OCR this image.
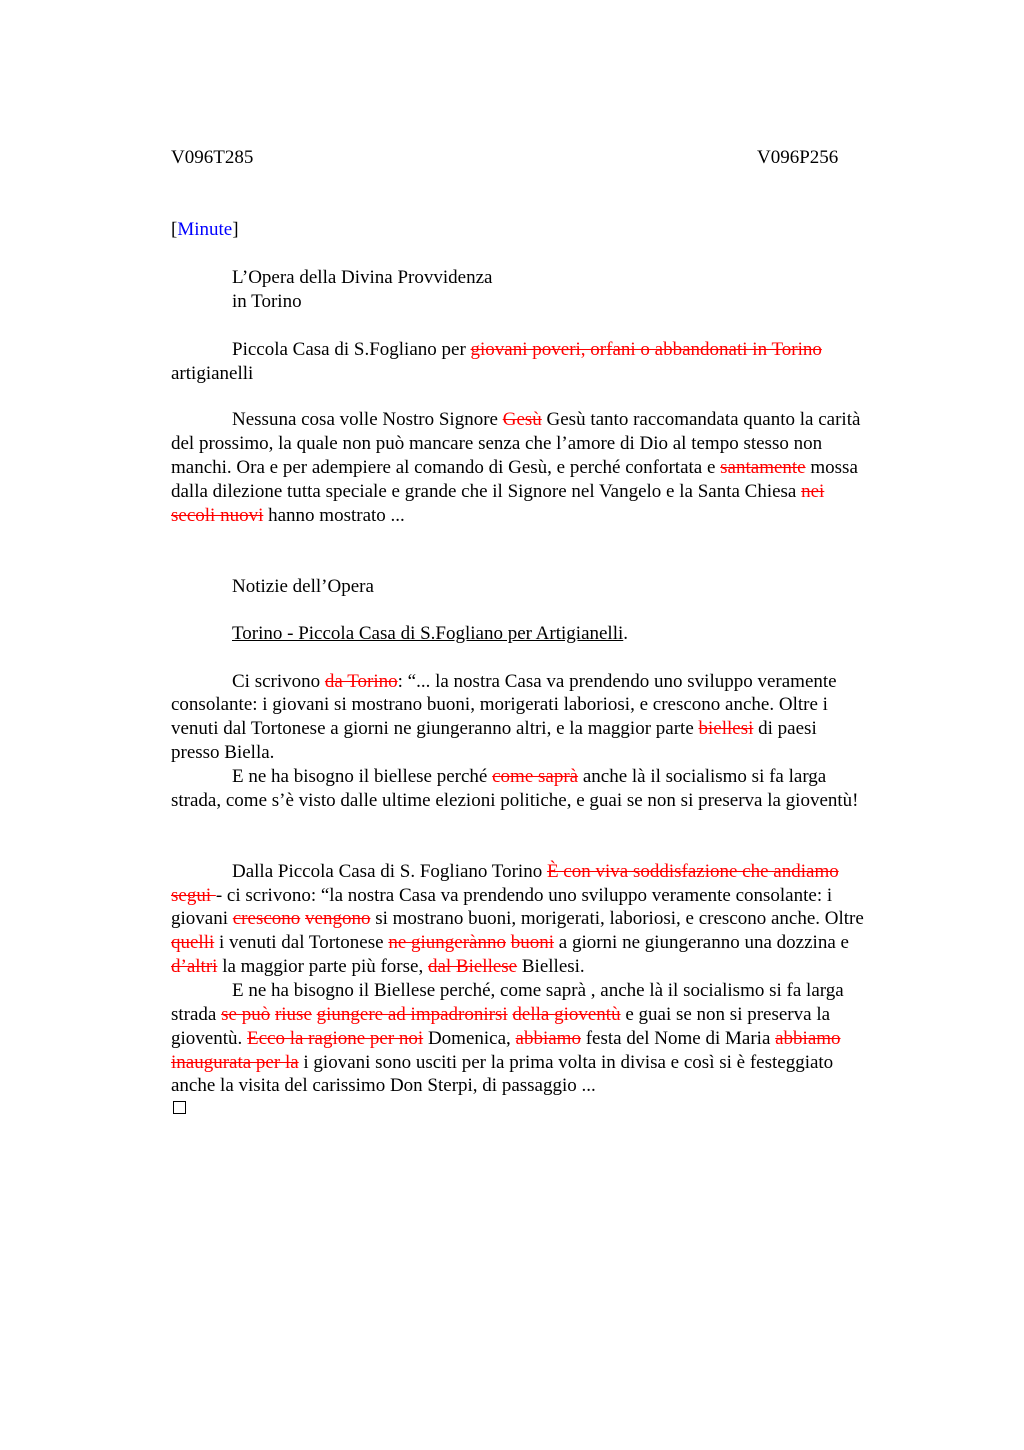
V096T285	V096P256
[Minute]
L’Opera della Divina Provvidenza
in Torino
Piccola Casa di S.Fogliano per giovani poveri, orfani o abbandonati in Torino
artigianelli
Nessuna cosa volle Nostro Signore Gesù Gesù tanto raccomandata quanto la carità
del prossimo, la quale non può mancare senza che l’amore di Dio al tempo stesso non
manchi. Ora e per adempiere al comando di Gesù, e perché confortata e santamente mossa
dalla dilezione tutta speciale e grande che il Signore nel Vangelo e la Santa Chiesa nei
secoli nuovi hanno mostrato ...
Notizie dell’Opera
Torino - Piccola Casa di S.Fogliano per Artigianelli.
Ci scrivono da Torino: “... la nostra Casa va prendendo uno sviluppo veramente
consolante: i giovani si mostrano buoni, morigerati laboriosi, e crescono anche. Oltre i
venuti dal Tortonese a giorni ne giungeranno altri, e la maggior parte biellesi di paesi
presso Biella.
E ne ha bisogno il biellese perché come saprà anche là il socialismo si fa larga
strada, come s’è visto dalle ultime elezioni politiche, e guai se non si preserva la gioventù!
Dalla Piccola Casa di S. Fogliano Torino È con viva soddisfazione che andiamo
segui - ci scrivono: “la nostra Casa va prendendo uno sviluppo veramente consolante: i
giovani crescono vengono si mostrano buoni, morigerati, laboriosi, e crescono anche. Oltre
quelli i venuti dal Tortonese ne giungerànno buoni a giorni ne giungeranno una dozzina e
d’altri la maggior parte più forse, dal Biellese Biellesi.
E ne ha bisogno il Biellese perché, come saprà , anche là il socialismo si fa larga
strada se può riuse giungere ad impadronirsi della gioventù e guai se non si preserva la
gioventù. Ecco la ragione per noi Domenica, abbiamo festa del Nome di Maria abbiamo
inaugurata per la i giovani sono usciti per la prima volta in divisa e così si è festeggiato
anche la visita del carissimo Don Sterpi, di passaggio ...
